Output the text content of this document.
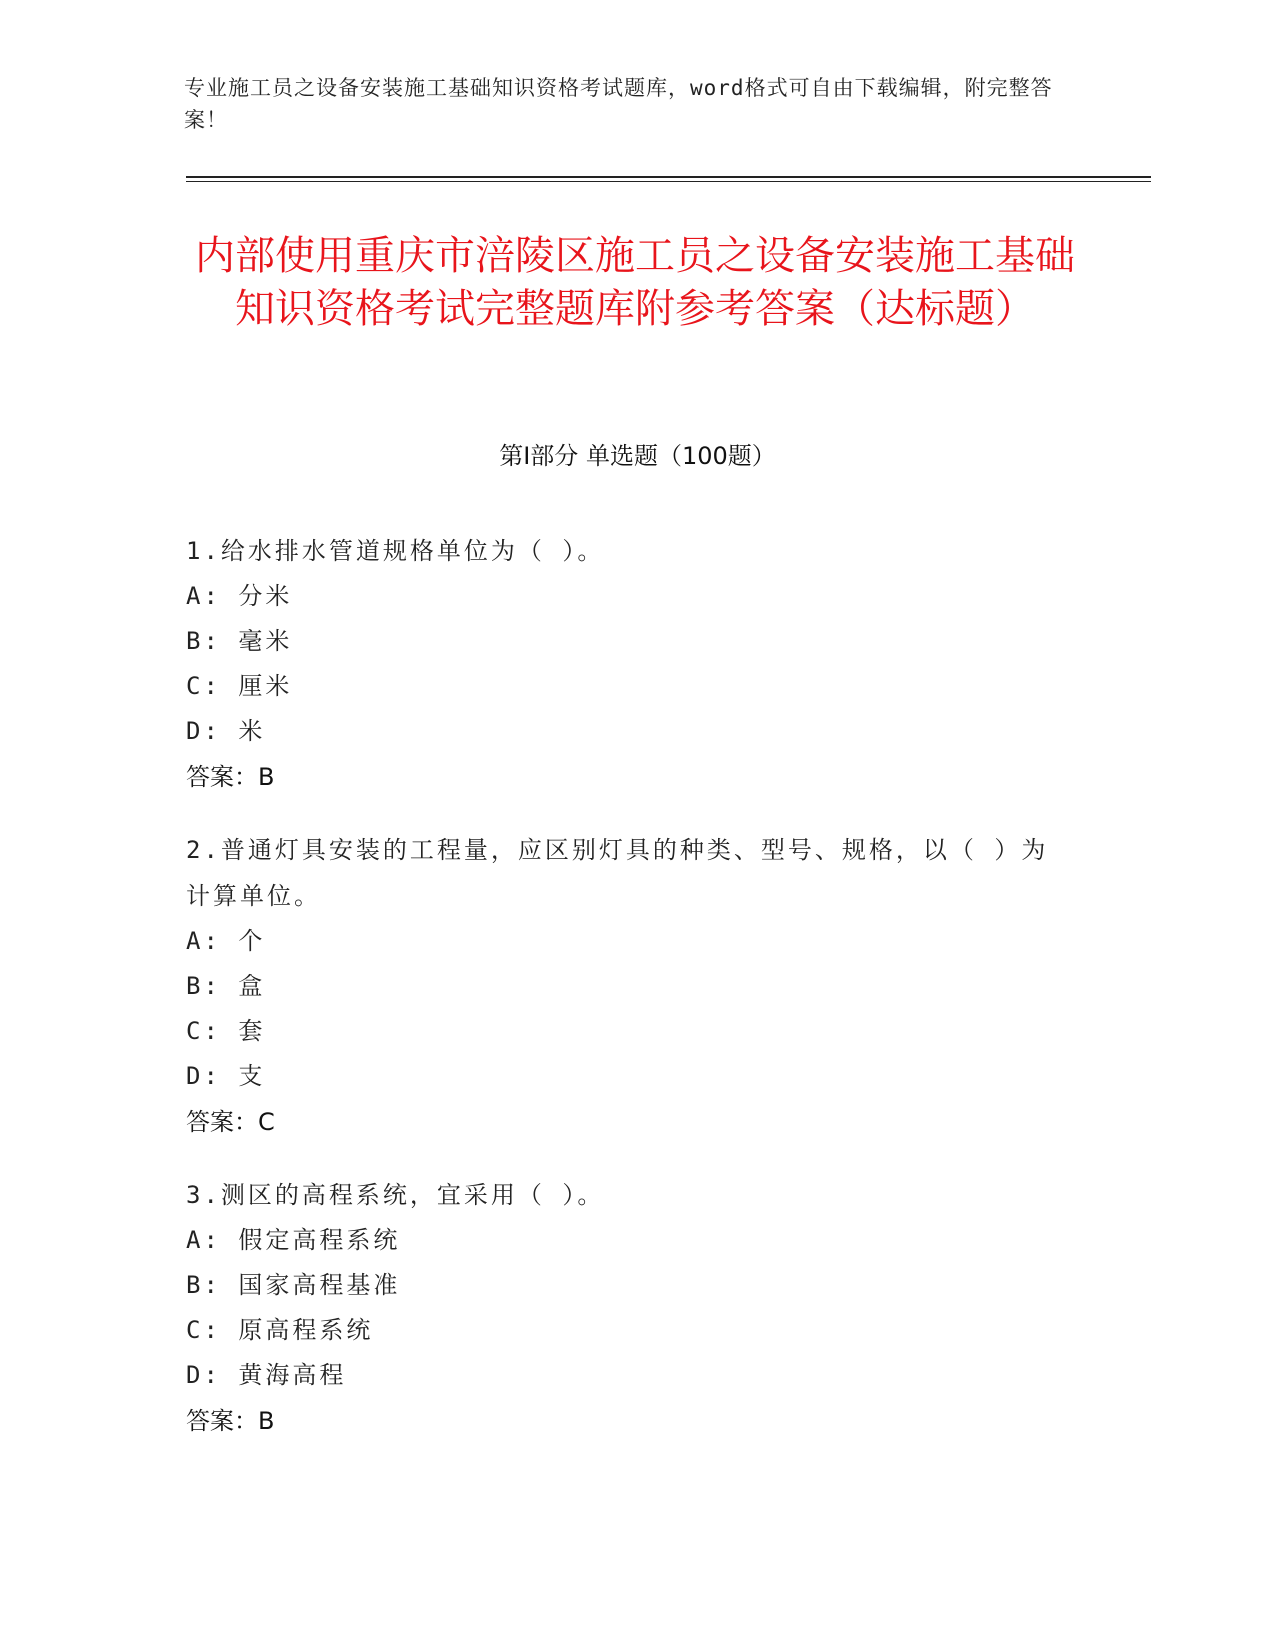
专业施工员之设备安装施工基础知识资格考试题库，word格式可自由下载编辑，附完整答案！
内部使用重庆市涪陵区施工员之设备安装施工基础知识资格考试完整题库附参考答案（达标题）
第I部分 单选题（100题）
1.给水排水管道规格单位为（ ）。
A: 分米
B: 毫米
C: 厘米
D: 米
答案：B
2.普通灯具安装的工程量，应区别灯具的种类、型号、规格，以（ ）为计算单位。
A: 个
B: 盒
C: 套
D: 支
答案：C
3.测区的高程系统，宜采用（ ）。
A: 假定高程系统
B: 国家高程基准
C: 原高程系统
D: 黄海高程
答案：B
